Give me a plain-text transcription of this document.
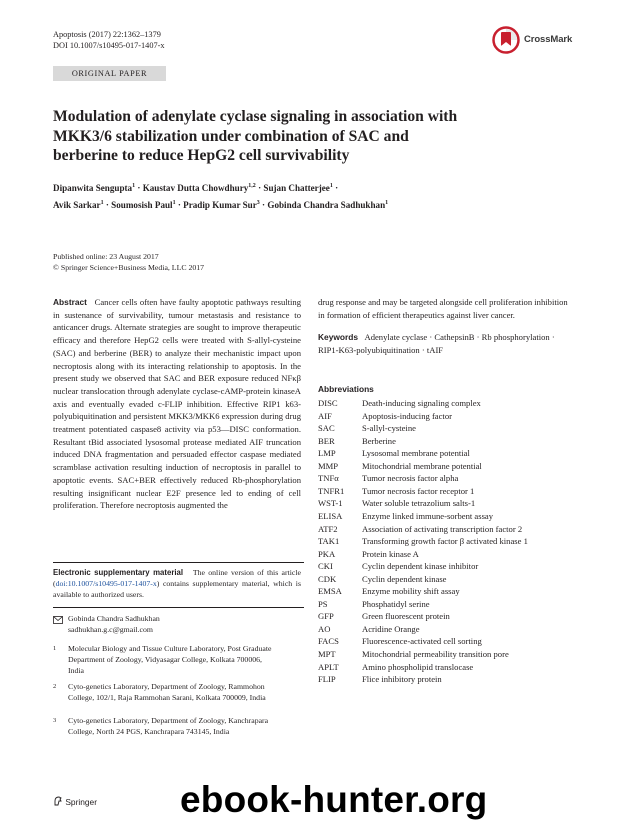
Apoptosis (2017) 22:1362–1379
DOI 10.1007/s10495-017-1407-x
CrossMark
ORIGINAL PAPER
Modulation of adenylate cyclase signaling in association with MKK3/6 stabilization under combination of SAC and berberine to reduce HepG2 cell survivability
Dipanwita Sengupta$^1$ · Kaustav Dutta Chowdhury$^{1,2}$ · Sujan Chatterjee$^1$ ·
Avik Sarkar$^1$ · Soumosish Paul$^1$ · Pradip Kumar Sur$^3$ · Gobinda Chandra Sadhukhan$^1$
Published online: 23 August 2017
© Springer Science+Business Media, LLC 2017
Abstract Cancer cells often have faulty apoptotic pathways resulting in sustenance of survivability, tumour metastasis and resistance to anticancer drugs. Alternate strategies are sought to improve therapeutic efficacy and therefore HepG2 cells were treated with S-allyl-cysteine (SAC) and berberine (BER) to analyze their mechanistic impact upon necroptosis along with its interacting relationship to apoptosis. In the present study we observed that SAC and BER exposure reduced NFκβ nuclear translocation through adenylate cyclase-cAMP-protein kinaseA axis and eventually evaded c-FLIP inhibition. Effective RIP1 k63-polyubiquitination and persistent MKK3/MKK6 expression during drug treatment potentiated caspase8 activity via p53—DISC conformation. Resultant tBid associated lysosomal protease mediated AIF truncation induced DNA fragmentation and persuaded effector caspase mediated scramblase activation resulting induction of necroptosis in parallel to apoptotic events. SAC+BER effectively reduced Rb-phosphorylation resulting insignificant nuclear E2F presence led to ending of cell proliferation. Therefore necroptosis augmented the
drug response and may be targeted alongside cell proliferation inhibition in formation of efficient therapeutics against liver cancer.
Keywords Adenylate cyclase · CathepsinB · Rb phosphorylation · RIP1-K63-polyubiquitination · tAIF
Abbreviations
DISC	Death-inducing signaling complex
AIF	Apoptosis-inducing factor
SAC	S-allyl-cysteine
BER	Berberine
LMP	Lysosomal membrane potential
MMP	Mitochondrial membrane potential
TNFα	Tumor necrosis factor alpha
TNFR1 Tumor necrosis factor receptor 1
WST-1 Water soluble tetrazolium salts-1
ELISA Enzyme linked immune-sorbent assay
ATF2	Association of activating transcription factor 2
TAK1	Transforming growth factor β activated kinase 1
PKA	Protein kinase A
CKI	Cyclin dependent kinase inhibitor
CDK	Cyclin dependent kinase
EMSA Enzyme mobility shift assay
PS	Phosphatidyl serine
GFP	Green fluorescent protein
AO	Acridine Orange
FACS	Fluorescence-activated cell sorting
MPT	Mitochondrial permeability transition pore
APLT	Amino phospholipid translocase
FLIP	Flice inhibitory protein
Electronic supplementary material The online version of this article (doi:10.1007/s10495-017-1407-x) contains supplementary material, which is available to authorized users.
Gobinda Chandra Sadhukhan
sadhukhan.g.c@gmail.com
1 Molecular Biology and Tissue Culture Laboratory, Post Graduate Department of Zoology, Vidyasagar College, Kolkata 700006, India
2 Cyto-genetics Laboratory, Department of Zoology, Rammohon College, 102/1, Raja Rammohan Sarani, Kolkata 700009, India
3 Cyto-genetics Laboratory, Department of Zoology, Kanchrapara College, North 24 PGS, Kanchrapara 743145, India
Springer ebook-hunter.org
